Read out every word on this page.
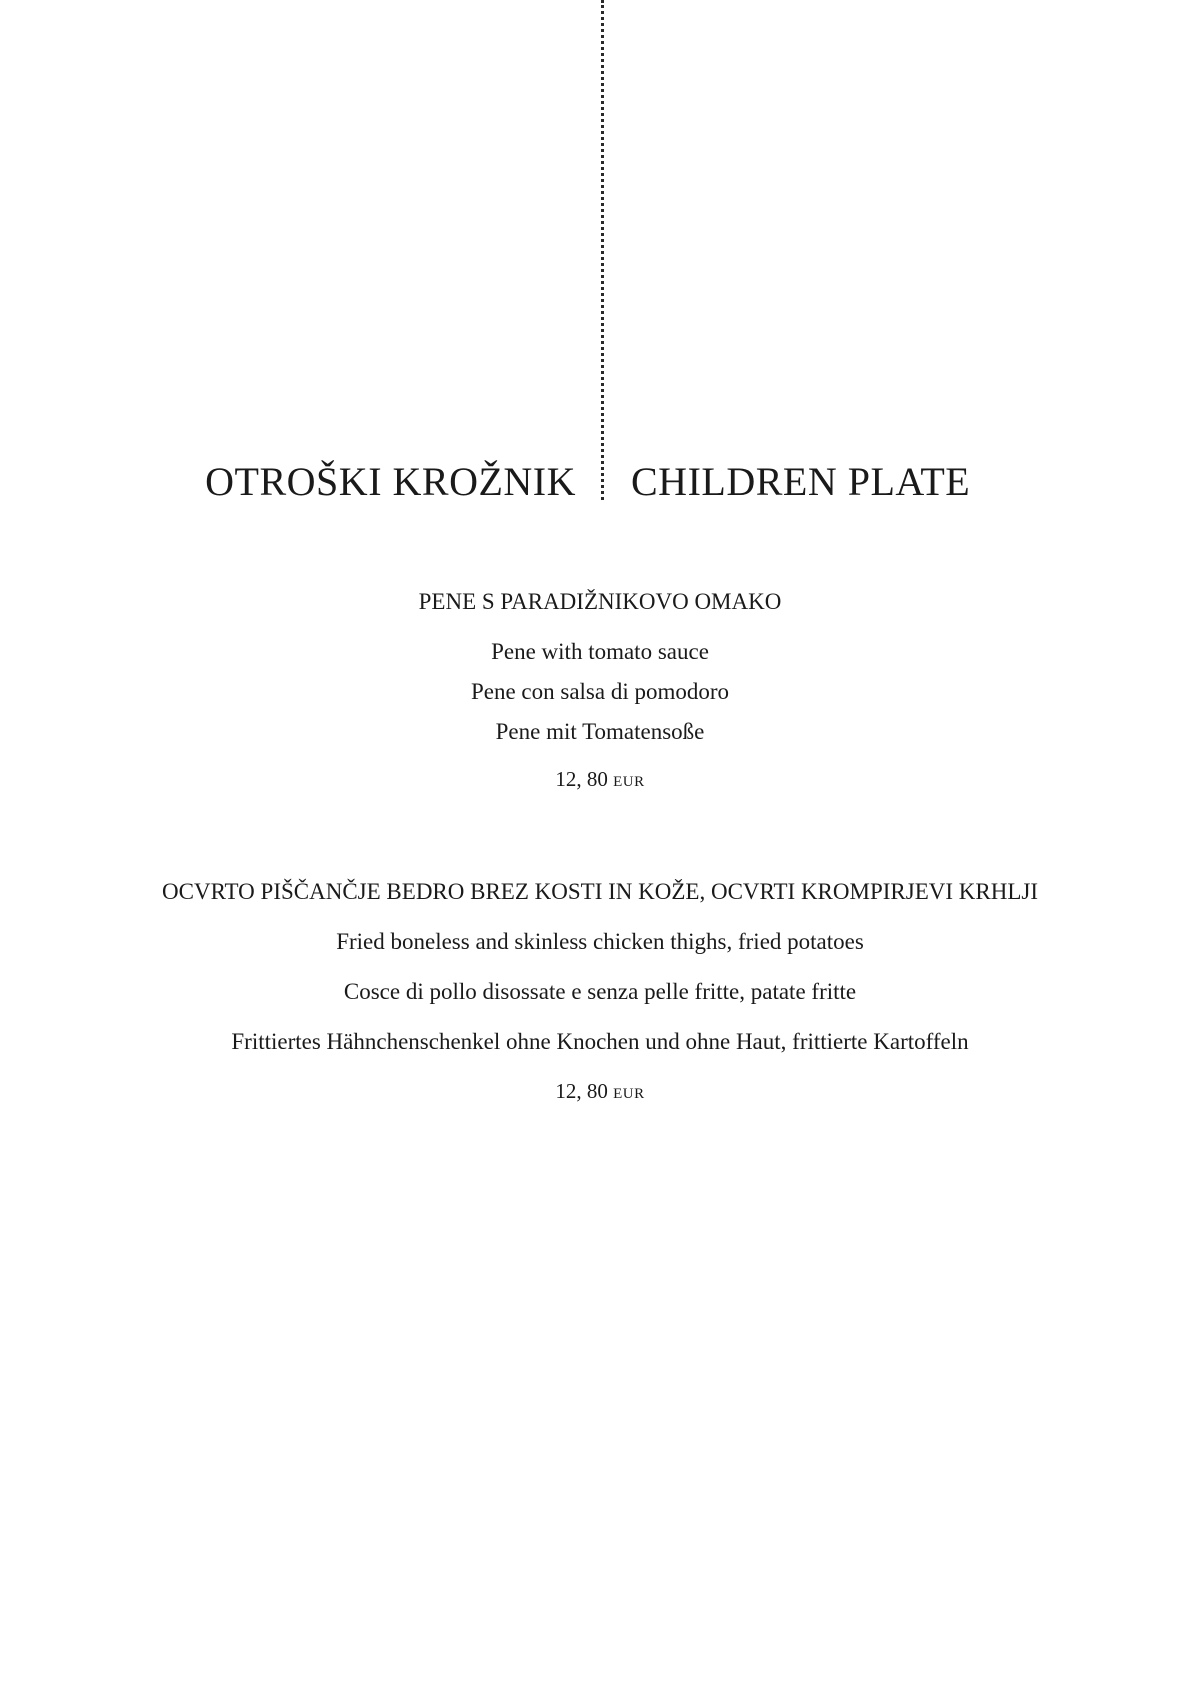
OTROŠKI KROŽNIK CHILDREN PLATE

PENE S PARADIŽNIKOVO OMAKO

Pene with tomato sauce

Pene con salsa di pomodoro

Pene mit Tomatensoße

12, 80 EUR

OCVRTO PIŠČANČJE BEDRO BREZ KOSTI IN KOŽE, OCVRTI KROMPIRJEVI KRHLJI

Fried boneless and skinless chicken thighs, fried potatoes

Cosce di pollo disossate e senza pelle fritte, patate fritte

Frittiertes Hähnchenschenkel ohne Knochen und ohne Haut, frittierte Kartoffeln

12, 80 EUR
